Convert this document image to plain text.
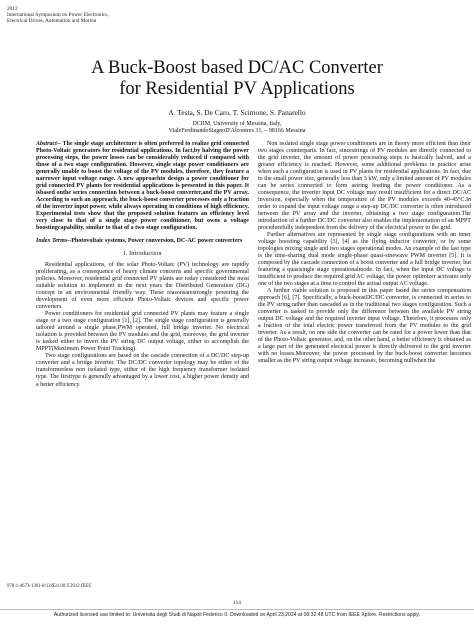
2012
International Symposium on Power Electronics,
Electrical Drives, Automation and Motion
A Buck-Boost based DC/AC Converter
for Residential PV Applications
A. Testa, S. De Caro, T. Scimone, S. Panarello
DCIIM, University of Messina, Italy,
VialeFerdinandoStagnoD'Alcontres 31, – 98166 Messina

Abstract-- The single stage architecture is often preferred to realize grid connected Photo-Voltaic generators for residential applications. In fact,by halving the power processing steps, the power losses can be considerably reduced if compared with those of a two stage configuration. However, single stage power conditioners are generally unable to boost the voltage of the PV modules, therefore, they feature a narrower input voltage range. A new approachto design a power conditioner for grid connected PV plants for residential applications is presented in this paper. It isbased onthe series connection between a buck-boost converter,and the PV array. According to such an approach, the buck-boost converter processes only a fraction of the inverter input power, while always operating in conditions of high efficiency. Experimental tests show that the proposed solution features an efficiency level very close to that of a single stage power conditioner, but owns a voltage boostingcapability, similar to that of a two stage configuration.

Index Terms--Photovoltaic systems, Power conversion, DC-AC power converters

I. Introduction

Residential applications, of the solar Photo-Voltaic (PV) technology are rapidly proliferating, as a consequence of heavy climate concerns and specific governmental policies. Moreover, residential grid connected PV plants are today considered the most suitable solution to implement in the next years the Distributed Generation (DG) concept in an environmental friendly way. These reasonsarestrongly powering the development of even more efficient Photo-Voltaic devices and specific power converters.

Power conditioners for residential grid connected PV plants may feature a single stage or a two stage configuration [1], [2]. The single stage configuration is generally tailored around a single phase,PWM operated, full bridge inverter. No electrical isolation is provided between the PV modules and the grid, moreover, the grid inverter is tasked either to invert the PV string DC output voltage, either to accomplish the MPPT(Maximum Power Point Tracking).

Two stage configurations are based on the cascade connection of a DC/DC step-up converter and a bridge inverter. The DC/DC converter topology may be either of the transformerless non isolated type, either of the high frequency transformer isolated type. The firsttype is generally advantaged by a lower cost, a higher power density and a better efficiency.

Non isolated single stage power conditioners are in theory more efficient than their two stages counterparts. In fact, sincestrings of PV modules are directly connected to the grid inverter, the amount of power processing steps is basically halved, and a greater efficiency is reached. However, some additional problems in practice arise when such a configuration is used in PV plants for residential applications. In fact, due to the small power size, generally less than 3 kW, only a limited amount of PV modules can be series connected to form astring feeding the power conditioner. As a consequence, the inverter input DC voltage may result insufficient for a direct DC/AC inversion, especially when the temperature of the PV modules exceeds 40-45°C.In order to expand the input voltage range a step-up DC/DC converter is often introduced between the PV array and the inverter, obtaining a two stage configuration.The introduction of a further DC/DC converter also enables the implementation of an MPPT procedurefully independent from the delivery of the electrical power to the grid.

Further alternatives are represented by single stage configurations with an inner voltage boosting capability [3], [4] as the flying inductor converter, or by some topologies mixing single and two stages operational modes. An example of the last type is the time-sharing dual mode single-phase quasi-sinewave PWM inverter [5]. It is composed by the cascade connection of a boost converter and a full bridge inverter, but featuring a quasisingle stage operationalmode. In fact, when the input DC voltage is insufficient to produce the required grid AC voltage, the power optimizer activates only one of the two stages at a time to control the actual output AC voltage.

A further viable solution is proposed in this paper based the series compensation approach [6], [7]. Specifically, a buck-boostDC/DC converter, is connected in series to the PV string,rather than cascaded as in the traditional two stages configuration. Such a converter is tasked to provide only the difference between the available PV string output DC voltage and the required inverter input voltage. Therefore, it processes only a fraction of the total electric power transferred from the PV modules to the grid inverter. As a result, on one side the converter can be rated for a power lower than that of the Photo-Voltaic generator, and, on the other hand, a better efficiency is obtained as a large part of the generated electrical power is directly delivered to the grid inverter with no losses.Moreover, the power processed by the buck-boost converter becomes smaller as the PV string output voltage increases, becoming nullwhen the

978-1-4673-1301-8/12/$31.00 ©2012 IEEE
114
Authorized licensed use limited to: Universita degli Studi di Napoli Federico II. Downloaded on April 23,2024 at 08:32:48 UTC from IEEE Xplore. Restrictions apply.
